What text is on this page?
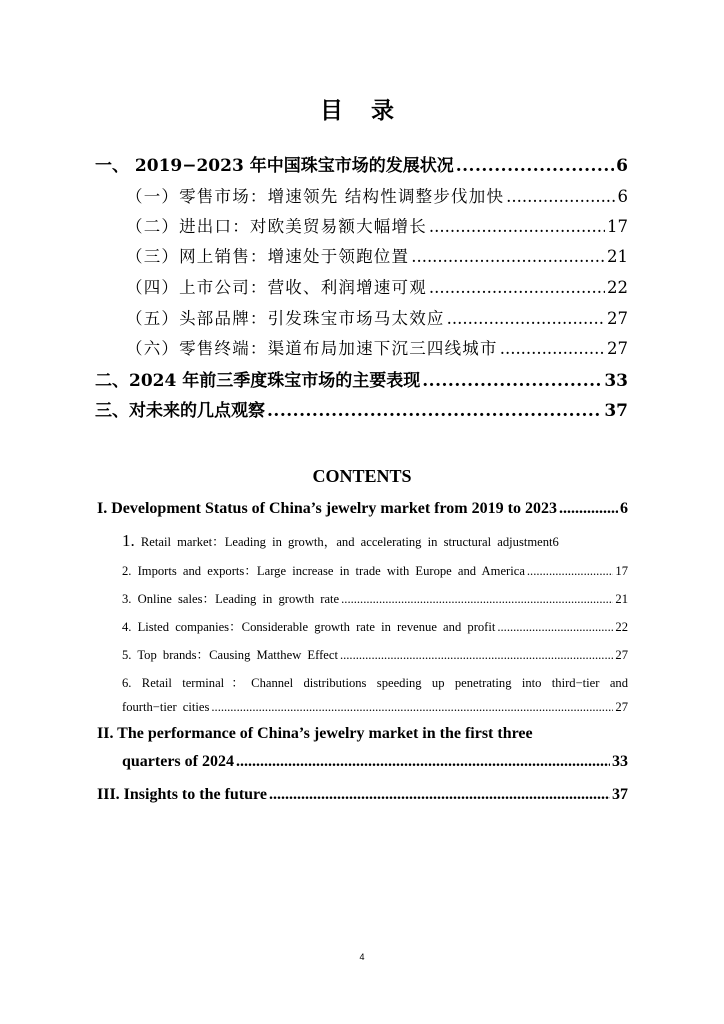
目 录
一、 2019−2023 年中国珠宝市场的发展状况 .....	6
（一）零售市场：增速领先 结构性调整步伐加快 .....	6
（二）进出口：对欧美贸易额大幅增长 .....	17
（三）网上销售：增速处于领跑位置 .....	21
（四）上市公司：营收、利润增速可观 .....	22
（五）头部品牌：引发珠宝市场马太效应 .....	27
（六）零售终端：渠道布局加速下沉三四线城市 .....	27
二、2024 年前三季度珠宝市场的主要表现 .....	33
三、对未来的几点观察 .....	37
CONTENTS
I. Development Status of China’s jewelry market from 2019 to 2023 .....	6
1. Retail market：Leading in growth，and accelerating in structural adjustment 6
2. Imports and exports：Large increase in trade with Europe and America .....	17
3. Online sales：Leading in growth rate .....	21
4. Listed companies：Considerable growth rate in revenue and profit .....	22
5. Top brands：Causing Matthew Effect .....	27
6. Retail terminal：Channel distributions speeding up penetrating into third−tier and
fourth−tier cities .....	27
II. The performance of China’s jewelry market in the first three
quarters of 2024 .....	33
III. Insights to the future .....	37
4
